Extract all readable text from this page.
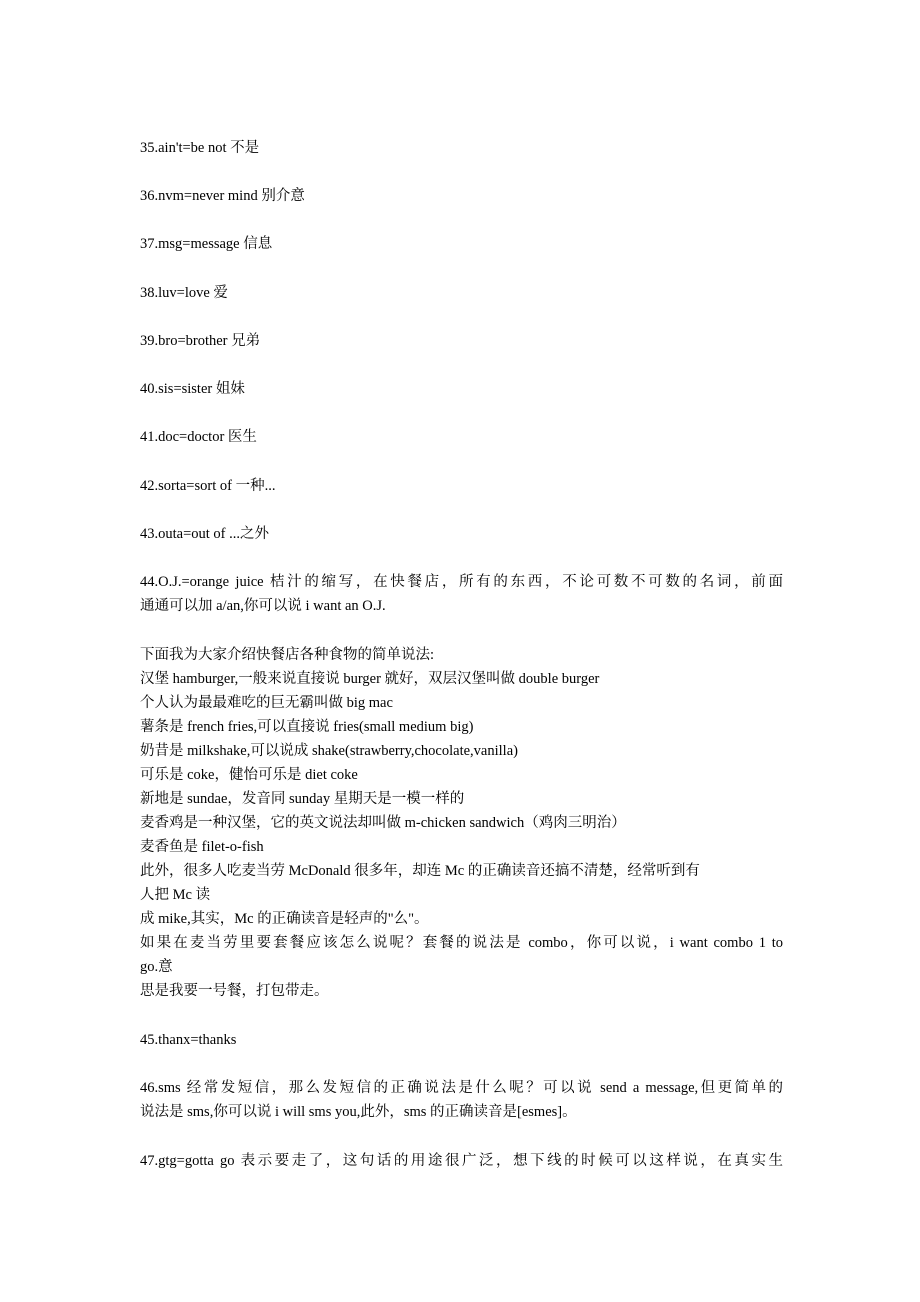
35.ain't=be not 不是
36.nvm=never mind 别介意
37.msg=message 信息
38.luv=love 爱
39.bro=brother 兄弟
40.sis=sister 姐妹
41.doc=doctor 医生
42.sorta=sort of 一种...
43.outa=out of ...之外
44.O.J.=orange juice 桔汁的缩写，在快餐店，所有的东西，不论可数不可数的名词，前面
通通可以加 a/an,你可以说 i want an O.J.
下面我为大家介绍快餐店各种食物的简单说法:
汉堡 hamburger,一般来说直接说 burger 就好，双层汉堡叫做 double burger
个人认为最最难吃的巨无霸叫做 big mac
薯条是 french fries,可以直接说 fries(small medium big)
奶昔是 milkshake,可以说成 shake(strawberry,chocolate,vanilla)
可乐是 coke，健怡可乐是 diet coke
新地是 sundae，发音同 sunday 星期天是一模一样的
麦香鸡是一种汉堡，它的英文说法却叫做 m-chicken sandwich（鸡肉三明治）
麦香鱼是 filet-o-fish
此外，很多人吃麦当劳 McDonald 很多年，却连 Mc 的正确读音还搞不清楚，经常听到有
人把 Mc 读
成 mike,其实，Mc 的正确读音是轻声的"么"。
如果在麦当劳里要套餐应该怎么说呢？套餐的说法是 combo，你可以说，i want combo 1 to
go.意
思是我要一号餐，打包带走。
45.thanx=thanks
46.sms 经常发短信，那么发短信的正确说法是什么呢？可以说 send a message,但更简单的
说法是 sms,你可以说 i will sms you,此外，sms 的正确读音是[esmes]。
47.gtg=gotta go 表示要走了，这句话的用途很广泛，想下线的时候可以这样说，在真实生
